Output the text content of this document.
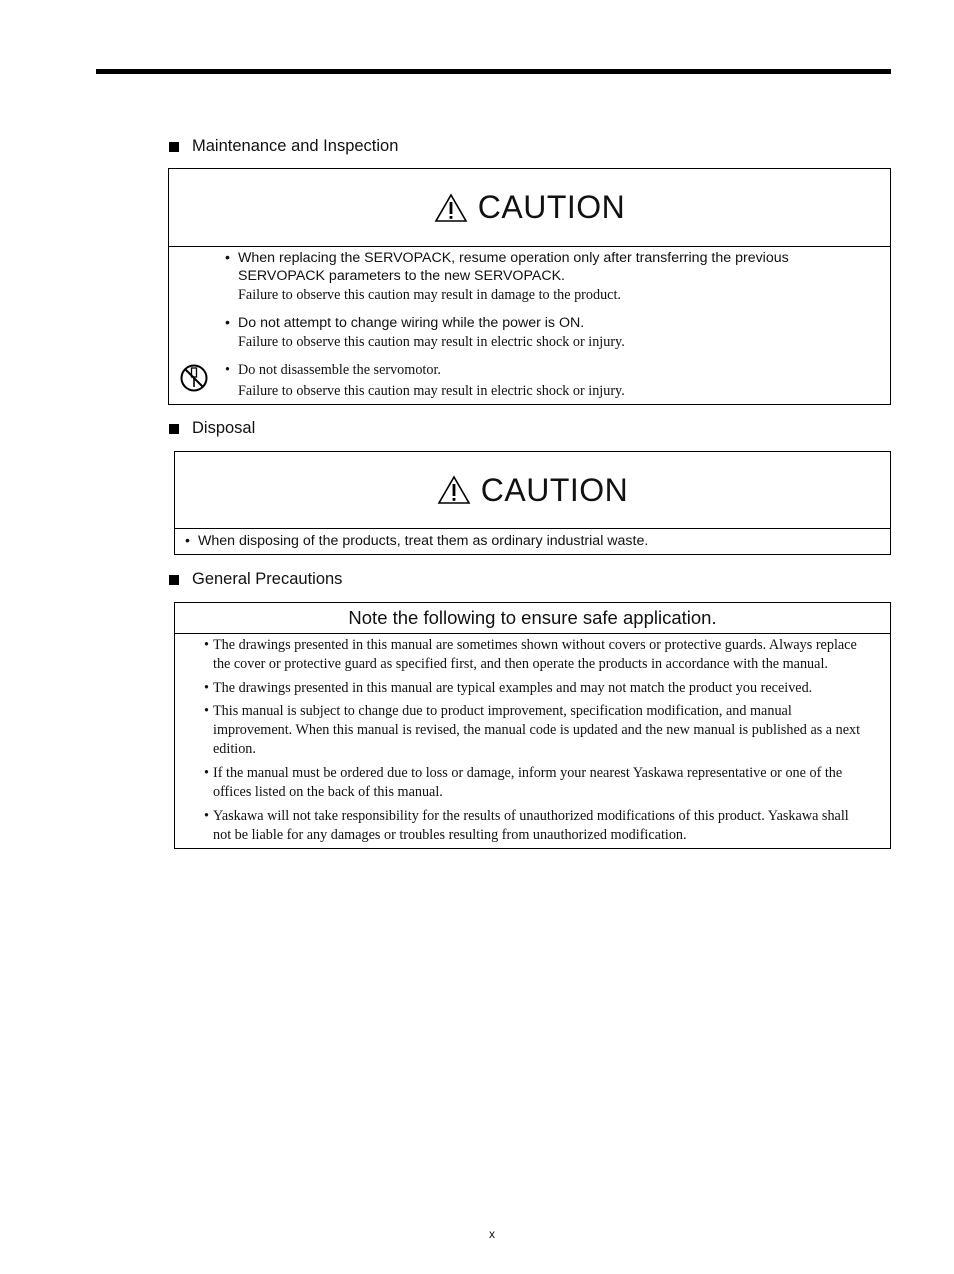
Maintenance and Inspection
CAUTION
• When replacing the SERVOPACK, resume operation only after transferring the previous
SERVOPACK parameters to the new SERVOPACK.
Failure to observe this caution may result in damage to the product.
• Do not attempt to change wiring while the power is ON.
Failure to observe this caution may result in electric shock or injury.
• Do not disassemble the servomotor.
Failure to observe this caution may result in electric shock or injury.
Disposal
CAUTION
• When disposing of the products, treat them as ordinary industrial waste.
General Precautions
Note the following to ensure safe application.
• The drawings presented in this manual are sometimes shown without covers or protective guards. Always replace
the cover or protective guard as specified first, and then operate the products in accordance with the manual.
• The drawings presented in this manual are typical examples and may not match the product you received.
• This manual is subject to change due to product improvement, specification modification, and manual
improvement. When this manual is revised, the manual code is updated and the new manual is published as a next
edition.
• If the manual must be ordered due to loss or damage, inform your nearest Yaskawa representative or one of the
offices listed on the back of this manual.
• Yaskawa will not take responsibility for the results of unauthorized modifications of this product. Yaskawa shall
not be liable for any damages or troubles resulting from unauthorized modification.
x
